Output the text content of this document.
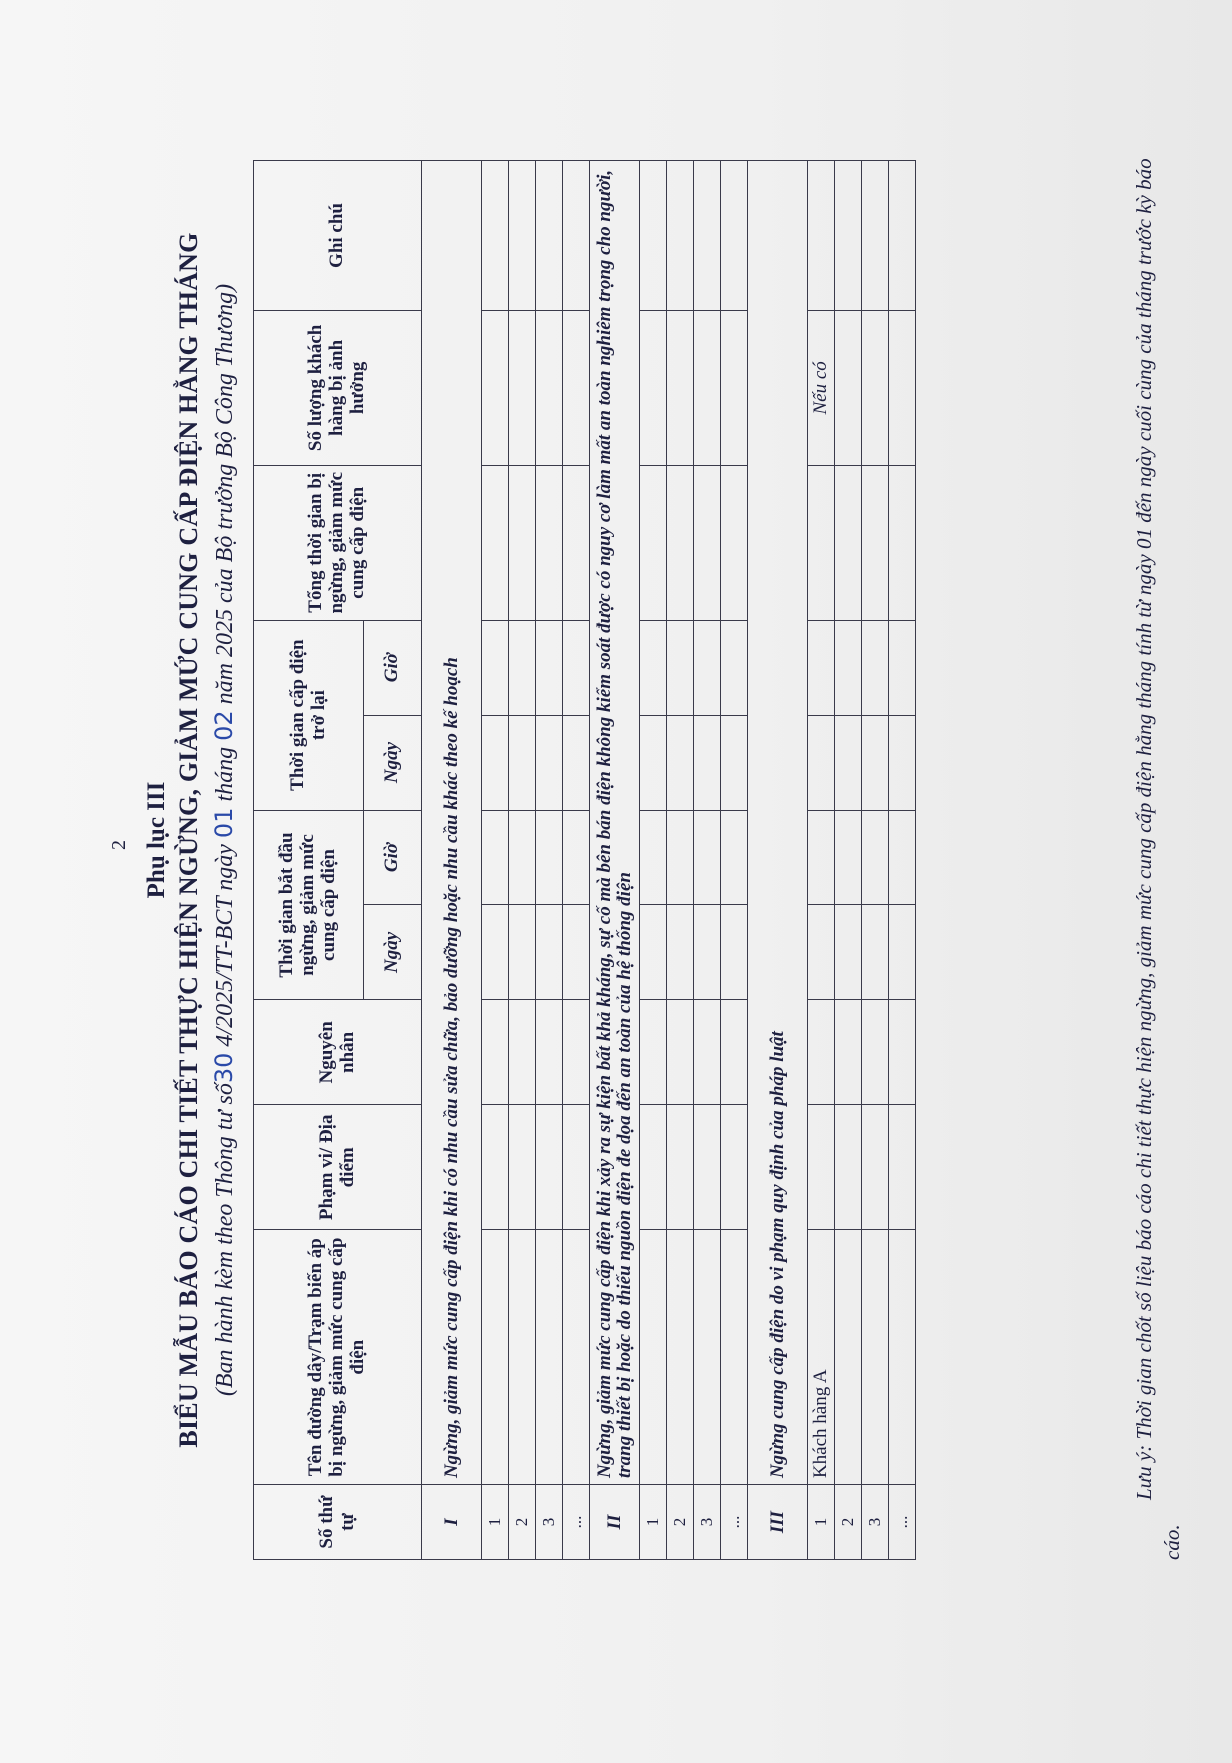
2 Phụ lục III BIỂU MẪU BÁO CÁO CHI TIẾT THỰC HIỆN NGỪNG, GIẢM MỨC CUNG CẤP ĐIỆN HẰNG THÁNG (Ban hành kèm theo Thông tư số30 4/2025/TT-BCT ngày 01 tháng 02 năm 2025 của Bộ trưởng Bộ Công Thương)
Số thứ tự	Tên đường dây/Trạm biến áp bị ngừng, giảm mức cung cấp điện	Phạm vi/ Địa điểm	Nguyên nhân	Thời gian bắt đầu ngừng, giảm mức cung cấp điện		Thời gian cấp điện trở lại		Tổng thời gian bị ngừng, giảm mức cung cấp điện	Số lượng khách hàng bị ảnh hưởng	Ghi chú
				Ngày	Giờ	Ngày	Giờ			
I	Ngừng, giảm mức cung cấp điện khi có nhu cầu sửa chữa, bảo dưỡng hoặc nhu cầu khác theo kế hoạch									
1										
2										
3										
...										
II	Ngừng, giảm mức cung cấp điện khi xảy ra sự kiện bất khả kháng, sự cố mà bên bán điện không kiểm soát được có nguy cơ làm mất an toàn nghiêm trọng cho người, trang thiết bị hoặc do thiếu nguồn điện đe dọa đến an toàn của hệ thống điện									
1										
2										
3										
...										
III	Ngừng cung cấp điện do vi phạm quy định của pháp luật									
1	Khách hàng A								Nếu có	
2										
3										
...										
Lưu ý: Thời gian chốt số liệu báo cáo chi tiết thực hiện ngừng, giảm mức cung cấp điện hằng tháng tính từ ngày 01 đến ngày cuối cùng của tháng trước kỳ báo cáo.
